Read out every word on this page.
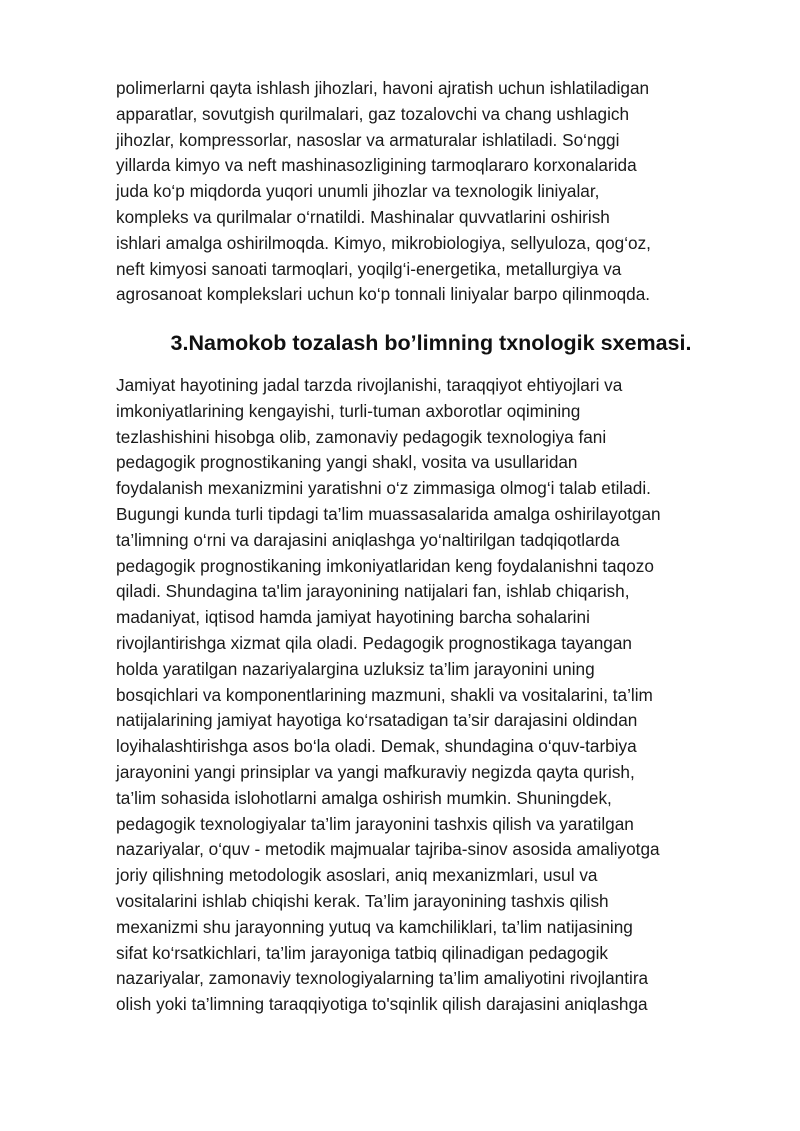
polimerlarni qayta ishlash jihozlari, havoni ajratish uchun ishlatiladigan
apparatlar, sovutgish qurilmalari, gaz tozalovchi va chang ushlagich
jihozlar, kompressorlar, nasoslar va armaturalar ishlatiladi. So‘nggi
yillarda kimyo va neft mashinasozligining tarmoqlararo korxonalarida
juda ko‘p miqdorda yuqori unumli jihozlar va texnologik liniyalar,
kompleks va qurilmalar o‘rnatildi. Mashinalar quvvatlarini oshirish
ishlari amalga oshirilmoqda. Kimyo, mikrobiologiya, sellyuloza, qog‘oz,
neft kimyosi sanoati tarmoqlari, yoqilg‘i-energetika, metallurgiya va
agrosanoat komplekslari uchun ko‘p tonnali liniyalar barpo qilinmoqda.
3.Namokob tozalash bo’limning txnologik sxemasi.
Jamiyat hayotining jadal tarzda rivojlanishi, taraqqiyot ehtiyojlari va
imkoniyatlarining kengayishi, turli-tuman axborotlar oqimining
tezlashishini hisobga olib, zamonaviy pedagogik texnologiya fani
pedagogik prognostikaning yangi shakl, vosita va usullaridan
foydalanish mexanizmini yaratishni o‘z zimmasiga olmog‘i talab etiladi.
Bugungi kunda turli tipdagi ta’lim muassasalarida amalga oshirilayotgan
ta’limning o‘rni va darajasini aniqlashga yo‘naltirilgan tadqiqotlarda
pedagogik prognostikaning imkoniyatlaridan keng foydalanishni taqozo
qiladi. Shundagina ta'lim jarayonining natijalari fan, ishlab chiqarish,
madaniyat, iqtisod hamda jamiyat hayotining barcha sohalarini
rivojlantirishga xizmat qila oladi. Pedagogik prognostikaga tayangan
holda yaratilgan nazariyalargina uzluksiz ta’lim jarayonini uning
bosqichlari va komponentlarining mazmuni, shakli va vositalarini, ta’lim
natijalarining jamiyat hayotiga ko‘rsatadigan ta’sir darajasini oldindan
loyihalashtirishga asos bo‘la oladi. Demak, shundagina o‘quv-tarbiya
jarayonini yangi prinsiplar va yangi mafkuraviy negizda qayta qurish,
ta’lim sohasida islohotlarni amalga oshirish mumkin. Shuningdek,
pedagogik texnologiyalar ta’lim jarayonini tashxis qilish va yaratilgan
nazariyalar, o‘quv - metodik majmualar tajriba-sinov asosida amaliyotga
joriy qilishning metodologik asoslari, aniq mexanizmlari, usul va
vositalarini ishlab chiqishi kerak. Ta’lim jarayonining tashxis qilish
mexanizmi shu jarayonning yutuq va kamchiliklari, ta’lim natijasining
sifat ko‘rsatkichlari, ta’lim jarayoniga tatbiq qilinadigan pedagogik
nazariyalar, zamonaviy texnologiyalarning ta’lim amaliyotini rivojlantira
olish yoki ta’limning taraqqiyotiga to'sqinlik qilish darajasini aniqlashga
